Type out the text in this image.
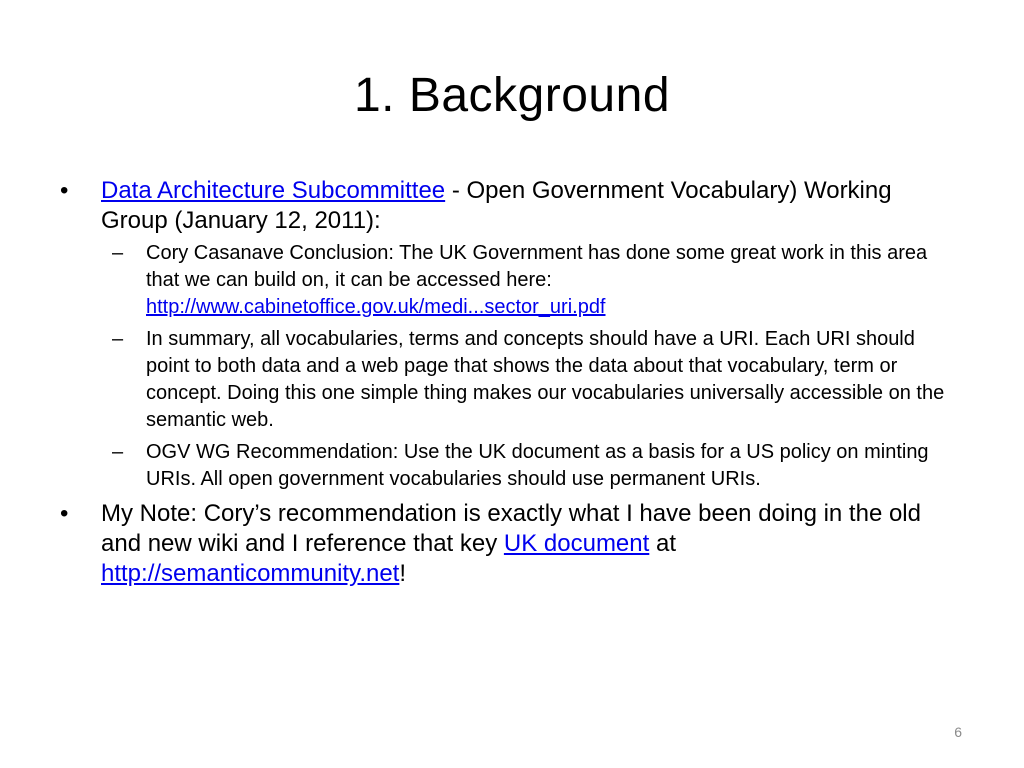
1. Background
• Data Architecture Subcommittee - Open Government Vocabulary) Working Group (January 12, 2011):
– Cory Casanave Conclusion: The UK Government has done some great work in this area that we can build on, it can be accessed here: http://www.cabinetoffice.gov.uk/medi...sector_uri.pdf
– In summary, all vocabularies, terms and concepts should have a URI. Each URI should point to both data and a web page that shows the data about that vocabulary, term or concept. Doing this one simple thing makes our vocabularies universally accessible on the semantic web.
– OGV WG Recommendation: Use the UK document as a basis for a US policy on minting URIs. All open government vocabularies should use permanent URIs.
• My Note: Cory’s recommendation is exactly what I have been doing in the old and new wiki and I reference that key UK document at http://semanticommunity.net!
6
